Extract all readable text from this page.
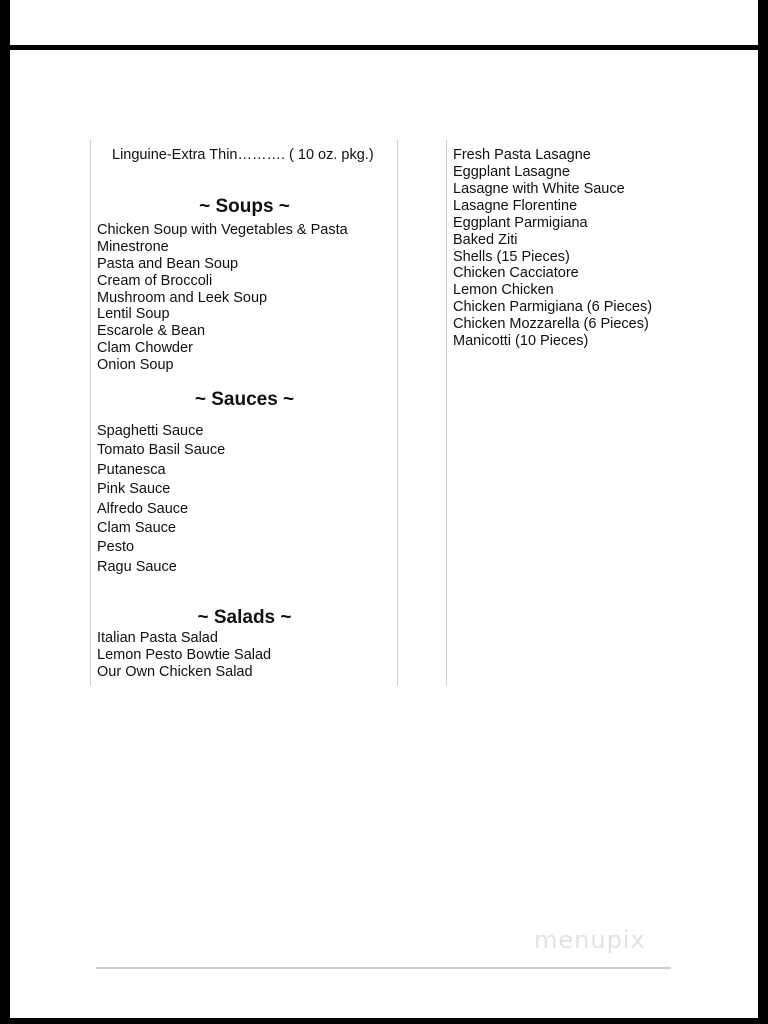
Linguine-Extra Thin………. ( 10 oz. pkg.)
~ Soups ~
Chicken Soup with Vegetables & Pasta
Minestrone
Pasta and Bean Soup
Cream of Broccoli
Mushroom and Leek Soup
Lentil Soup
Escarole & Bean
Clam Chowder
Onion Soup
~ Sauces ~
Spaghetti Sauce
Tomato Basil Sauce
Putanesca
Pink Sauce
Alfredo Sauce
Clam Sauce
Pesto
Ragu Sauce
~ Salads ~
Italian Pasta Salad
Lemon Pesto Bowtie Salad
Our Own Chicken Salad
Fresh Pasta Lasagne
Eggplant Lasagne
Lasagne with White Sauce
Lasagne Florentine
Eggplant Parmigiana
Baked Ziti
Shells (15 Pieces)
Chicken Cacciatore
Lemon Chicken
Chicken Parmigiana (6 Pieces)
Chicken Mozzarella (6 Pieces)
Manicotti (10 Pieces)
menupix
